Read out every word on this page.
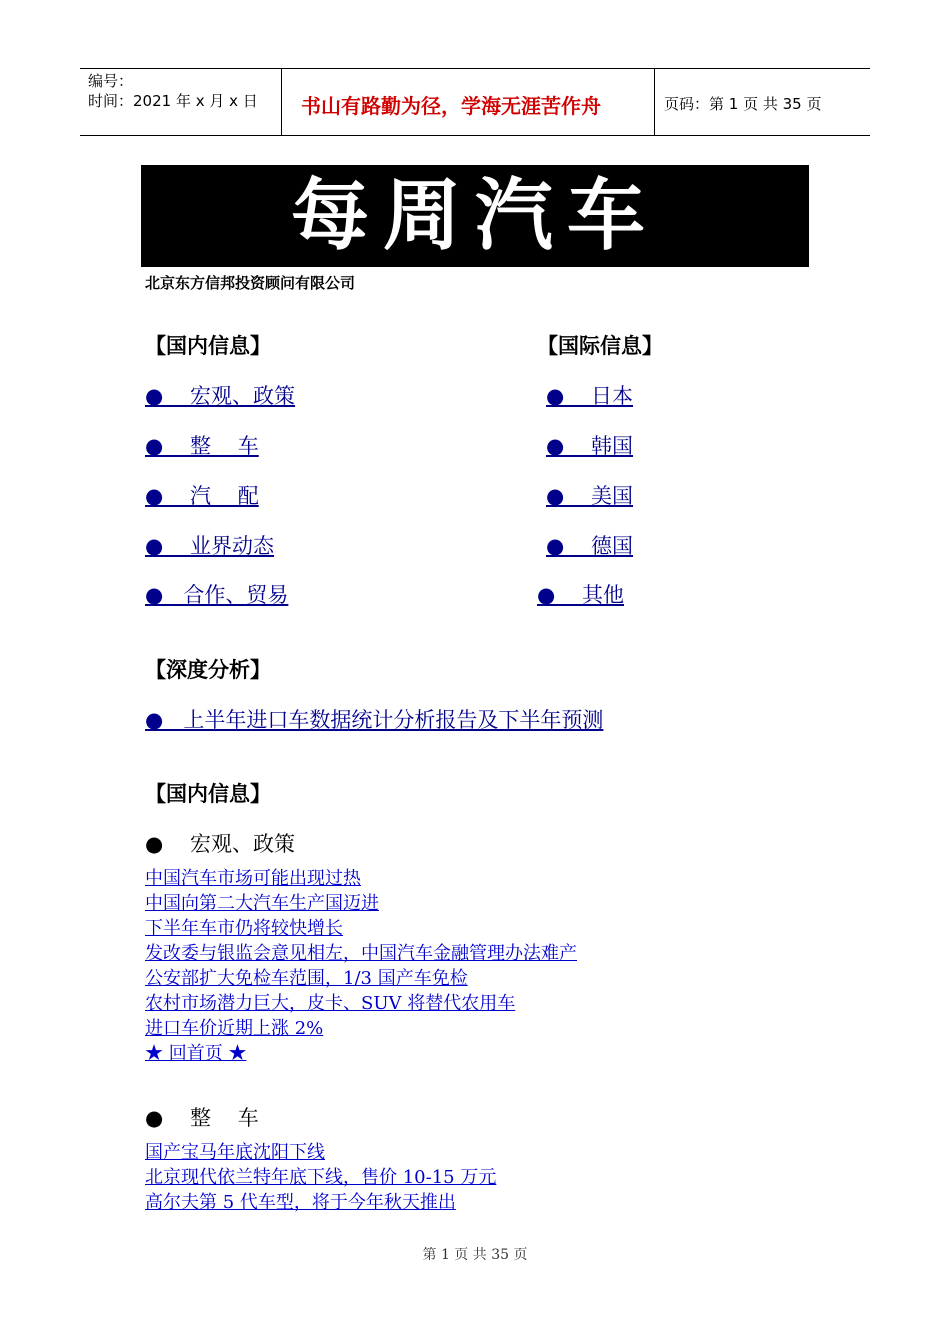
编号：
时间：2021 年 x 月 x 日 书山有路勤为径，学海无涯苦作舟	页码：第 1 页 共 35 页
每周汽车
北京东方信邦投资顾问有限公司
【国内信息】	【国际信息】
●    宏观、政策
●    整    车
●    汽    配
●    业界动态
●   合作、贸易
●    日本
●    韩国
●    美国
●    德国
●    其他
【深度分析】
●   上半年进口车数据统计分析报告及下半年预测
【国内信息】
●    宏观、政策
中国汽车市场可能出现过热
中国向第二大汽车生产国迈进
下半年车市仍将较快增长
发改委与银监会意见相左，中国汽车金融管理办法难产
公安部扩大免检车范围，1/3 国产车免检
农村市场潜力巨大，皮卡、SUV 将替代农用车
进口车价近期上涨 2%
★ 回首页 ★
●    整    车
国产宝马年底沈阳下线
北京现代依兰特年底下线，售价 10-15 万元
高尔夫第 5 代车型，将于今年秋天推出
第 1 页 共 35 页
